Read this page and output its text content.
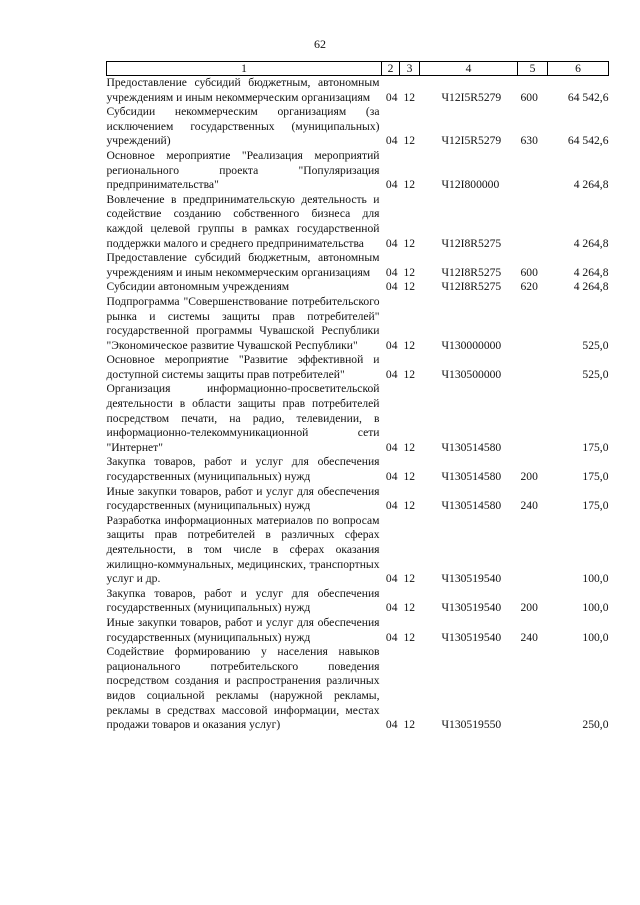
62
1	2	3	4	5	6
Предоставление субсидий бюджетным, автономным учреждениям и иным некоммерческим организациям	04	12	Ч12I5R5279	600	64 542,6
Субсидии некоммерческим организациям (за исключением государственных (муниципальных) учреждений)	04	12	Ч12I5R5279	630	64 542,6
Основное мероприятие "Реализация мероприятий регионального проекта "Популяризация предпринимательства"	04	12	Ч12I800000		4 264,8
Вовлечение в предпринимательскую деятельность и содействие созданию собственного бизнеса для каждой целевой группы в рамках государственной поддержки малого и среднего предпринимательства	04	12	Ч12I8R5275		4 264,8
Предоставление субсидий бюджетным, автономным учреждениям и иным некоммерческим организациям	04	12	Ч12I8R5275	600	4 264,8
Субсидии автономным учреждениям	04	12	Ч12I8R5275	620	4 264,8
Подпрограмма "Совершенствование потребительского рынка и системы защиты прав потребителей" государственной программы Чувашской Республики "Экономическое развитие Чувашской Республики"	04	12	Ч130000000		525,0
Основное мероприятие "Развитие эффективной и доступной системы защиты прав потребителей"	04	12	Ч130500000		525,0
Организация информационно-просветительской деятельности в области защиты прав потребителей посредством печати, на радио, телевидении, в информационно-телекоммуникационной сети "Интернет"	04	12	Ч130514580		175,0
Закупка товаров, работ и услуг для обеспечения государственных (муниципальных) нужд	04	12	Ч130514580	200	175,0
Иные закупки товаров, работ и услуг для обеспечения государственных (муниципальных) нужд	04	12	Ч130514580	240	175,0
Разработка информационных материалов по вопросам защиты прав потребителей в различных сферах деятельности, в том числе в сферах оказания жилищно-коммунальных, медицинских, транспортных услуг и др.	04	12	Ч130519540		100,0
Закупка товаров, работ и услуг для обеспечения государственных (муниципальных) нужд	04	12	Ч130519540	200	100,0
Иные закупки товаров, работ и услуг для обеспечения государственных (муниципальных) нужд	04	12	Ч130519540	240	100,0
Содействие формированию у населения навыков рационального потребительского поведения посредством создания и распространения различных видов социальной рекламы (наружной рекламы, рекламы в средствах массовой информации, местах продажи товаров и оказания услуг)	04	12	Ч130519550		250,0
